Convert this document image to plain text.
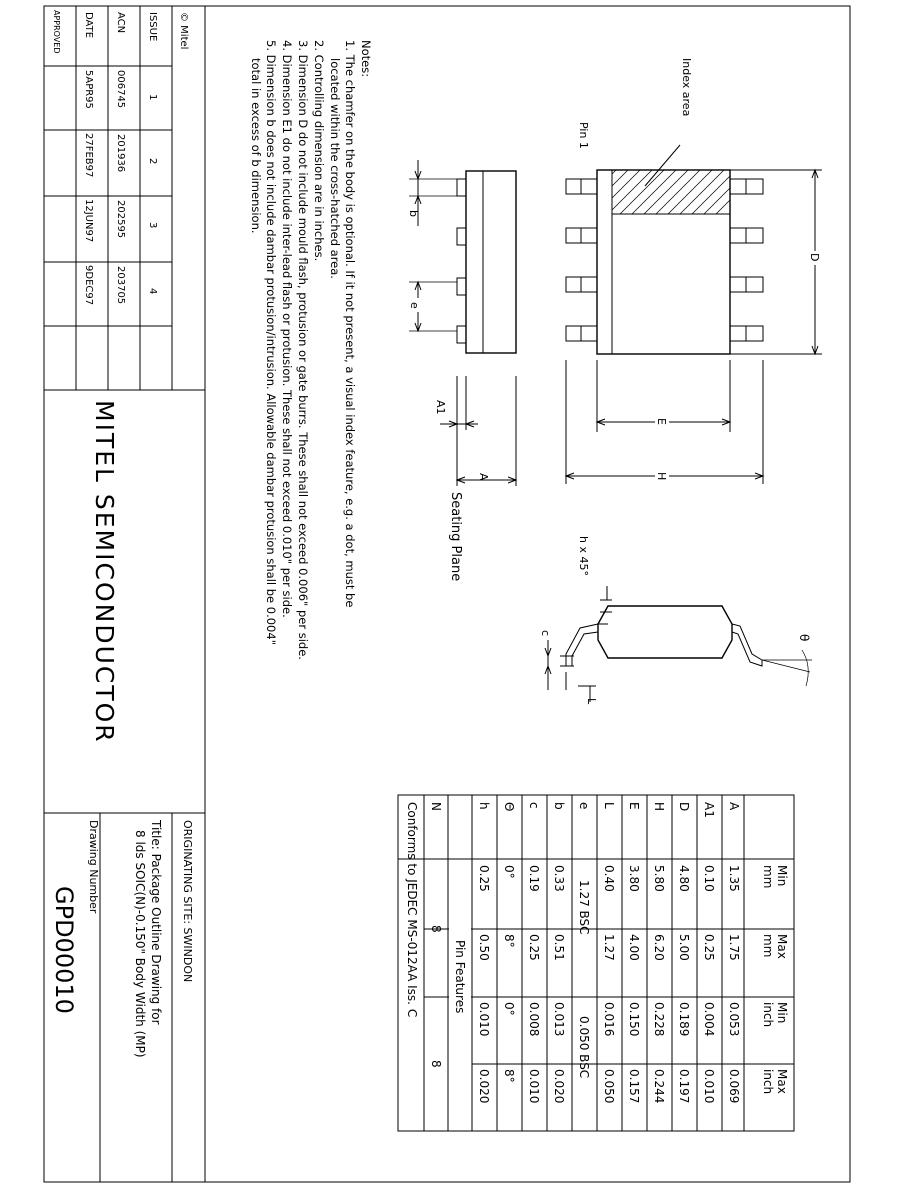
© Mitel
ISSUE
ACN
DATE
APPROVED
1
2
3
4
006745
201936
202595
203705
5APR95
27FEB97
12JUN97
9DEC97
MITEL SEMICONDUCTOR
ORIGINATING SITE: SWINDON
Title: Package Outline Drawing for
8 lds SOIC(N)-0.150" Body Width (MP)
Drawing Number
GPD00010
Notes:
1. The chamfer on the body is optional. If it not present, a visual index feature, e.g. a dot, must be
located within the cross-hatched area.
2. Controlling dimension are in inches.
3. Dimension D do not include mould flash, protusion or gate burrs. These shall not exceed 0.006" per side.
4. Dimension E1 do not include inter-lead flash or protusion. These shall not exceed 0.010" per side.
5. Dimension b does not include dambar protusion/intrusion. Allowable dambar protusion shall be 0.004"
total in excess of b dimension.	Index area
Pin 1
D
E
H
b
e
A1
A
Seating Plane	h x 45°
c
L
θ
Min
mm
Max
mm
Min
inch
Max
inch
A
1.35
1.75
0.053
0.069
A1
0.10
0.25
0.004
0.010
D
4.80
5.00
0.189
0.197
H
5.80
6.20
0.228
0.244
E
3.80
4.00
0.150
0.157
L
0.40
1.27
0.016
0.050
e
1.27 BSC
0.050 BSC
b
0.33
0.51
0.013
0.020
c
0.19
0.25
0.008
0.010
Θ
0°
8°
0°
8°
h
0.25
0.50
0.010
0.020
Pin Features
N
8
8
Conforms to JEDEC MS-012AA Iss. C
